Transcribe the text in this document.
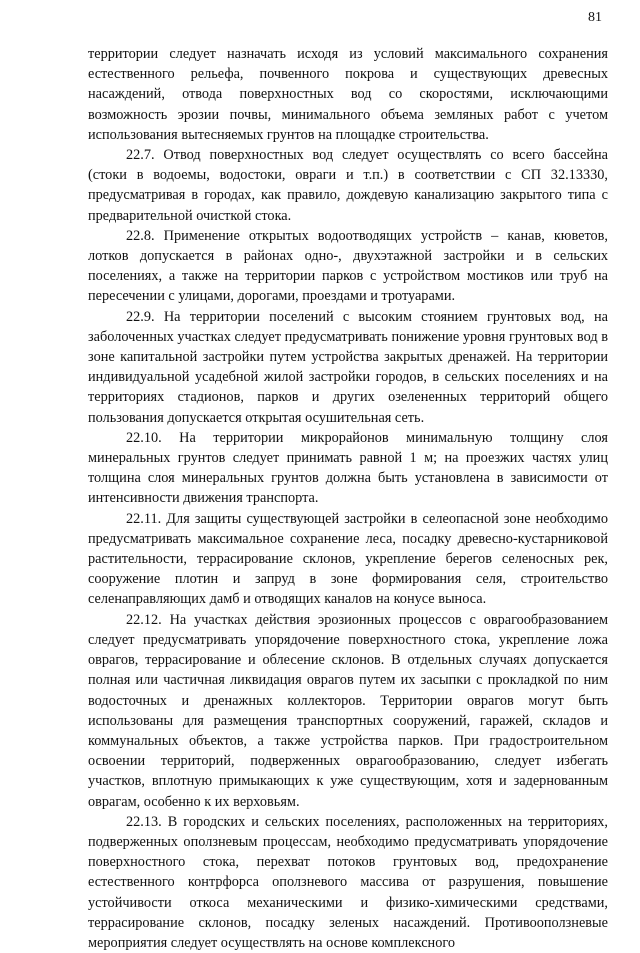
81

территории следует назначать исходя из условий максимального сохранения естественного рельефа, почвенного покрова и существующих древесных насаждений, отвода поверхностных вод со скоростями, исключающими возможность эрозии почвы, минимального объема земляных работ с учетом использования вытесняемых грунтов на площадке строительства.

22.7. Отвод поверхностных вод следует осуществлять со всего бассейна (стоки в водоемы, водостоки, овраги и т.п.) в соответствии с СП 32.13330, предусматривая в городах, как правило, дождевую канализацию закрытого типа с предварительной очисткой стока.

22.8. Применение открытых водоотводящих устройств – канав, кюветов, лотков допускается в районах одно-, двухэтажной застройки и в сельских поселениях, а также на территории парков с устройством мостиков или труб на пересечении с улицами, дорогами, проездами и тротуарами.

22.9. На территории поселений с высоким стоянием грунтовых вод, на заболоченных участках следует предусматривать понижение уровня грунтовых вод в зоне капитальной застройки путем устройства закрытых дренажей. На территории индивидуальной усадебной жилой застройки городов, в сельских поселениях и на территориях стадионов, парков и других озелененных территорий общего пользования допускается открытая осушительная сеть.

22.10. На территории микрорайонов минимальную толщину слоя минеральных грунтов следует принимать равной 1 м; на проезжих частях улиц толщина слоя минеральных грунтов должна быть установлена в зависимости от интенсивности движения транспорта.

22.11. Для защиты существующей застройки в селеопасной зоне необходимо предусматривать максимальное сохранение леса, посадку древесно-кустарниковой растительности, террасирование склонов, укрепление берегов селеносных рек, сооружение плотин и запруд в зоне формирования селя, строительство селенаправляющих дамб и отводящих каналов на конусе выноса.

22.12. На участках действия эрозионных процессов с оврагообразованием следует предусматривать упорядочение поверхностного стока, укрепление ложа оврагов, террасирование и облесение склонов. В отдельных случаях допускается полная или частичная ликвидация оврагов путем их засыпки с прокладкой по ним водосточных и дренажных коллекторов. Территории оврагов могут быть использованы для размещения транспортных сооружений, гаражей, складов и коммунальных объектов, а также устройства парков. При градостроительном освоении территорий, подверженных оврагообразованию, следует избегать участков, вплотную примыкающих к уже существующим, хотя и задернованным оврагам, особенно к их верховьям.

22.13. В городских и сельских поселениях, расположенных на территориях, подверженных оползневым процессам, необходимо предусматривать упорядочение поверхностного стока, перехват потоков грунтовых вод, предохранение естественного контрфорса оползневого массива от разрушения, повышение устойчивости откоса механическими и физико-химическими средствами, террасирование склонов, посадку зеленых насаждений. Противооползневые мероприятия следует осуществлять на основе комплексного
